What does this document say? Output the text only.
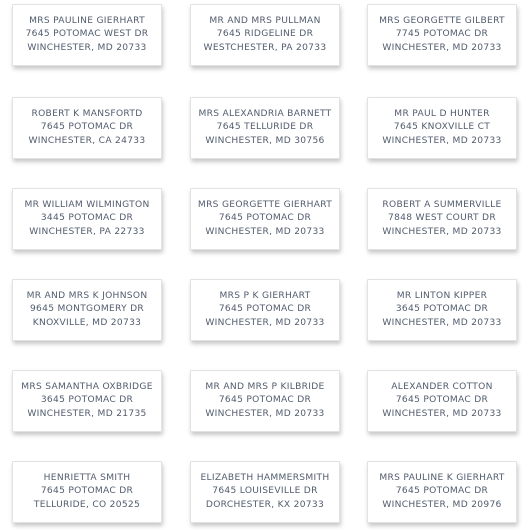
MRS PAULINE GIERHART
7645 POTOMAC WEST DR
WINCHESTER, MD 20733
MR AND MRS PULLMAN
7645 RIDGELINE DR
WESTCHESTER, PA 20733
MRS GEORGETTE GILBERT
7745 POTOMAC DR
WINCHESTER, MD 20733
ROBERT K MANSFORTD
7645 POTOMAC DR
WINCHESTER, CA 24733
MRS ALEXANDRIA BARNETT
7645 TELLURIDE DR
WINCHESTER, MD 30756
MR PAUL D HUNTER
7645 KNOXVILLE CT
WINCHESTER, MD 20733
MR WILLIAM WILMINGTON
3445 POTOMAC DR
WINCHESTER, PA 22733
MRS GEORGETTE GIERHART
7645 POTOMAC DR
WINCHESTER, MD 20733
ROBERT A SUMMERVILLE
7848 WEST COURT DR
WINCHESTER, MD 20733
MR AND MRS K JOHNSON
9645 MONTGOMERY DR
KNOXVILLE, MD 20733
MRS P K GIERHART
7645 POTOMAC DR
WINCHESTER, MD 20733
MR LINTON KIPPER
3645 POTOMAC DR
WINCHESTER, MD 20733
MRS SAMANTHA OXBRIDGE
3645 POTOMAC DR
WINCHESTER, MD 21735
MR AND MRS P KILBRIDE
7645 POTOMAC DR
WINCHESTER, MD 20733
ALEXANDER COTTON
7645 POTOMAC DR
WINCHESTER, MD 20733
HENRIETTA SMITH
7645 POTOMAC DR
TELLURIDE, CO 20525
ELIZABETH HAMMERSMITH
7645 LOUISEVILLE DR
DORCHESTER, KX 20733
MRS PAULINE K GIERHART
7645 POTOMAC DR
WINCHESTER, MD 20976
